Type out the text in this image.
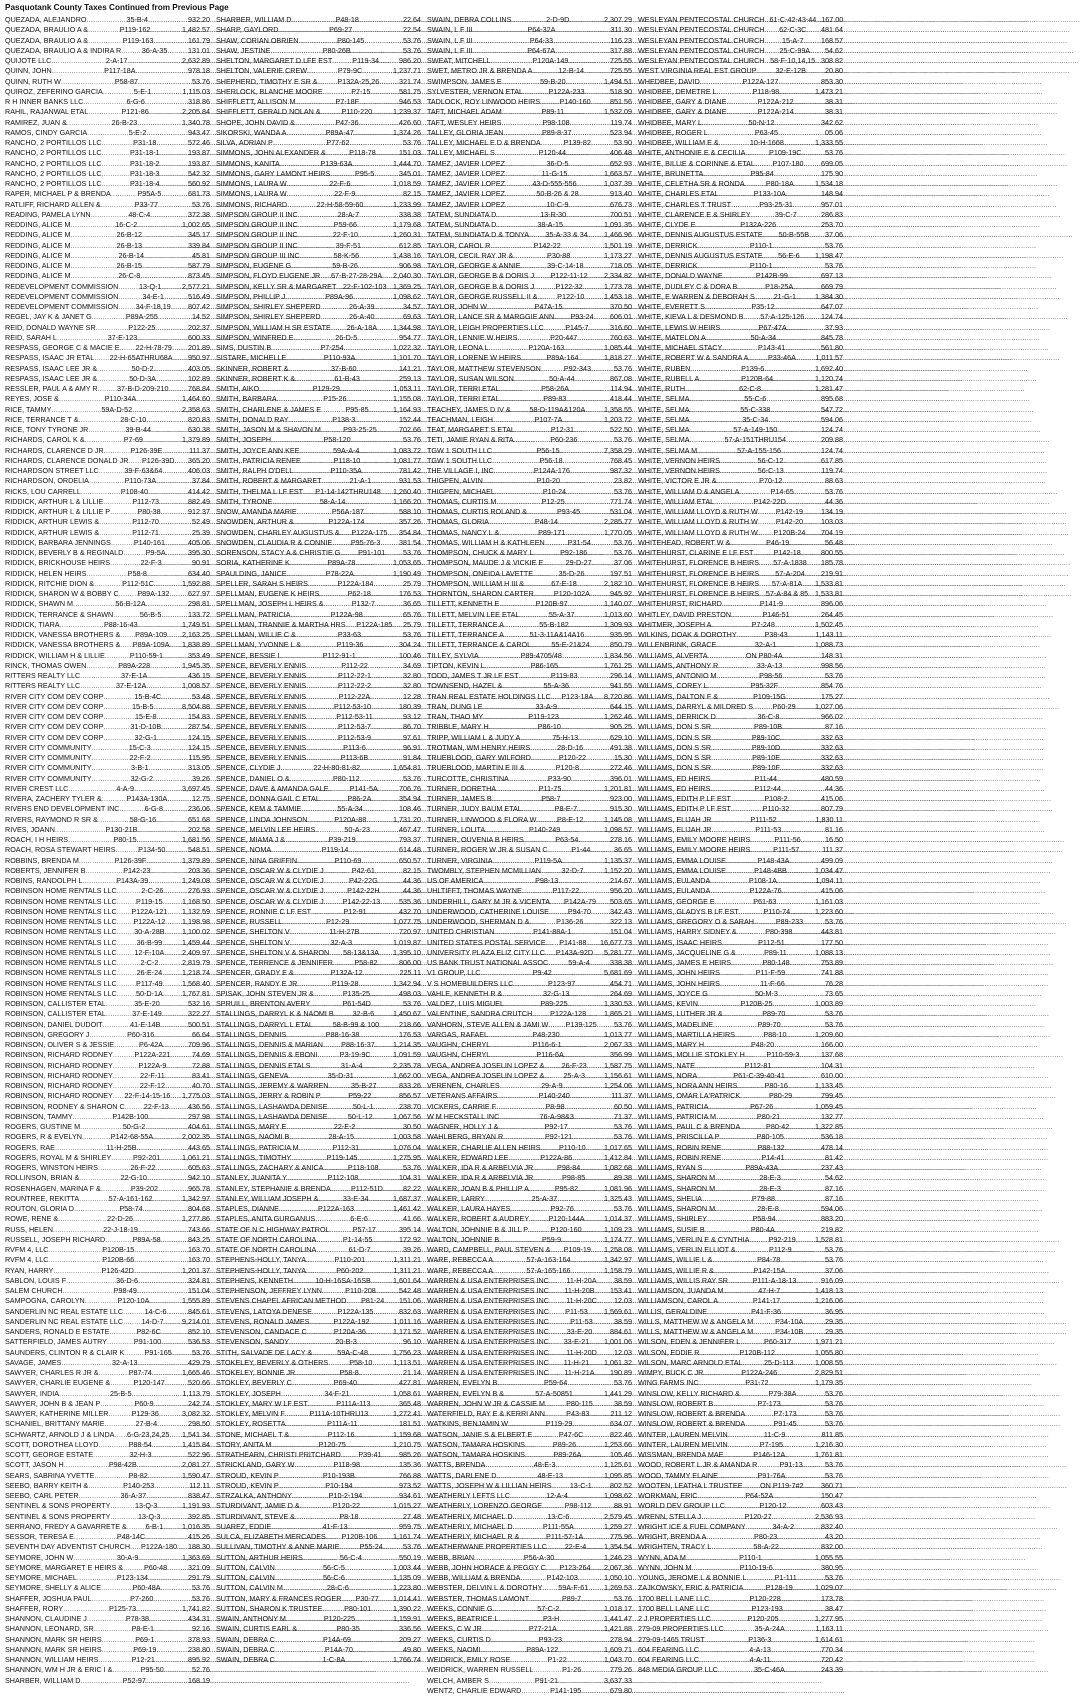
Pasquotank County Taxes Continued from Previous Page
QUEZADA, ALEJANDRO
.....	35-B-4
.....	932.20
QUEZADA, BRAULIO A &
.....	P119-162
.....	1,482.57
QUEZADA, BRAULIO A &
.....	P119-163
.....	161.79
QUEZADA, BRAULIO A & INDIRA R
.....	36-A-35
.....	131.01
QUIJOTE LLC
.....	2-A-17
.....	2,632.89
QUINN, JOHN
.....	P117-18A
.....	978.18
QUINN, RUTH W
.....	P58-87
.....	53.76
QUIROZ, ZEFERINO GARCIA
.....	5-E-1
.....	1,115.03
R H INNER BANKS LLC
.....	6-G-6
.....	318.86
RAHIL, RAJANWAL ETAL
.....	P121-86
.....	2,205.84
RAMIREZ, JUAN &
.....	26-B-23
.....	1,340.78
RAMOS, CINDY GARCIA
.....	5-E-2
.....	943.47
RANCHO, 2 PORTILLOS LLC
.....	P31-18
.....	572.46
RANCHO, 2 PORTILLOS LLC
.....	P31-18-1
.....	193.87
RANCHO, 2 PORTILLOS LLC
.....	P31-18-2
.....	193.87
RANCHO, 2 PORTILLOS LLC
.....	P31-18-3
.....	542.32
RANCHO, 2 PORTILLOS LLC
.....	P31-18-4
.....	560.92
RAPER, MICHAEL P & BRENDA
.....	P95A-5
.....	681.73
RATLIFF, RICHARD ALLEN &
.....	P33-77
.....	53.76
READING, PAMELA LYNN
.....	48-C-4
.....	372.38
REDDING, ALICE M
.....	16-C-2
.....	1,002.65
REDDING, ALICE M
.....	26-B-12
.....	345.17
REDDING, ALICE M
.....	26-B-13
.....	339.84
REDDING, ALICE M
.....	26-B-14
.....	45.81
REDDING, ALICE M
.....	26-B-15
.....	587.79
REDDING, ALICE M
.....	26-C-8
.....	873.45
REDEVELOPMENT COMMISSION
.....	13-Q-1
.....	2,577.21
REDEVELOPMENT COMMISSION
.....	34-E-1
.....	516.49
REDEVELOPMENT COMMISSION
..... 34-F-18,19
..... 807.42
REGEL, JAY K & JANET G
.....	P89A-255
.....	14.52
REID, DONALD WAYNE SR
.....	P122-25
.....	202.37
REID, SARAH L
.....	37-E-123
.....	600.33
RESPASS, GEORGE C & MACIE E
..... 22-H-78-79
..... 201.89
RESPASS, ISAAC JR ETAL
..... 22-H-65ATHRU68A
..... 950.97
RESPASS, ISAAC LEE JR &
.....	50-D-2
.....	403.05
RESPASS, ISAAC LEE JR &
.....	50-D-3A
.....	102.89
RESSLER, PAUL A & AMY R
.....	37-B-D-209-210
.....	768.84
REYES, JOSE &
.....	P110-34A
.....	1,464.60
RICE, TAMMY
.....	59A-D-52
.....	2,358.63
RICE, TERRANCE T &
.....	28-C-10
.....	820.83
RICE, TONY TYRONE JR
.....	39-B-44
.....	630.38
RICHARDS, CAROL K &
.....	P7-69
.....	1,379.89
RICHARDS, CLARENCE D JR
.....	P126-39E
.....	111.37
RICHARDS, CLARENCE DONALD JR
..... P126-39D
..... 365.20
RICHARDSON STREET LLC
.....	39-F-63&64
.....	406.03
RICHARDSON, ORDELIA
.....	P110-73A
.....	37.84
RICKS, LOU CARRELL
.....	P108-40
.....	414.42
RIDDICK, ARTHUR L & LILLIE
.....	P112-73
.....	882.49
RIDDICK, ARTHUR L & LILLIE P
.....	P80-38
.....	912.37
RIDDICK, ARTHUR LEWIS &
.....	P112-70
.....	52.49
RIDDICK, ARTHUR LEWIS &
.....	P112-71
.....	25.39
RIDDICK, BARBARA JENNINGS
.....	P140-161
.....	405.06
RIDDICK, BEVERLY B & REGINALD
.....	P9-5A
.....	395.30
RIDDICK, BRICKHOUSE HEIRS
.....	22-F-3
.....	90.91
RIDDICK, HELEN HEIRS
.....	P58-8
.....	634.40
RIDDICK, RITCHIE DION &
.....	P112-51C
.....	1,592.88
RIDDICK, SHARON W & BOBBY C
.....	P89A-132
.....	627.97
RIDDICK, SHAWN M
.....	56-B-12A
.....	298.81
RIDDICK, TERRANCE & SHAWN
.....	56-B-5
.....	133.72
RIDDICK, TIARA
.....	P88-16-43
.....	1,749.51
RIDDICK, VANESSA BROTHERS &
..... P89A-109
..... 2,163.25
RIDDICK, VANESSA BROTHERS &
..... P89A-109A
..... 1,838.89
RIDDICK, WILLIAM H & LILLIE
.....	P110-59-1
.....	353.49
RINCK, THOMAS OWEN
.....	P89A-228
.....	1,945.35
RITTERS REALTY LLC
.....	37-E-1A
.....	436.15
RITTERS REALTY LLC
.....	37-E-12A
.....	1,008.57
RIVER CITY COM DEV CORP
.....	15-B-4C
.....	53.48
RIVER CITY COM DEV CORP
.....	15-B-5
.....	8,504.88
RIVER CITY COM DEV CORP
.....	15-E-8
.....	154.83
RIVER CITY COM DEV CORP
.....	31-D-10B
.....	287.54
RIVER CITY COM DEV CORP
.....	32-G-1
.....	124.15
RIVER CITY COMMUNITY
.....	15-C-3
.....	124.15
RIVER CITY COMMUNITY
.....	22-F-2
.....	115.95
RIVER CITY COMMUNITY
.....	3-B-1
.....	313.05
RIVER CITY COMMUNITY
.....	32-G-2
.....	39.26
RIVER CREST LLC
.....	4-A-9
.....	3,697.45
RIVERA, ZACHERY TYLER &
.....	P143A-130A
.....	12.75
RIVERS END DEVELOPMENT INC
.....	6-G-8
.....	236.06
RIVERS, RAYMOND R SR &
.....	58-G-16
.....	651.68
RIVES, JOANN
.....	P130-21B
.....	202.58
ROACH, I H HEIRS
.....	P80-15
.....	1,681.56
ROACH, ROSA STEWART HEIRS
.....	P134-50
.....	548.51
ROBBINS, BRENDA M
.....	P126-39F
.....	1,379.89
ROBERTS, JENNIFER B
.....	P142-23
.....	203.36
ROBINS, RANDOLPH L
.....	P143A-39
.....	1,249.08
ROBINSON HOME RENTALS LLC
.....	2-C-26
.....	276.93
ROBINSON HOME RENTALS LLC
.....	P119-15
.....	1,168.50
ROBINSON HOME RENTALS LLC
..... P122A-121
..... 1,132.59
ROBINSON HOME RENTALS LLC
..... P122A-12
..... 1,198.98
ROBINSON HOME RENTALS LLC
..... 30-A-28B
..... 1,100.02
ROBINSON HOME RENTALS LLC
.....	36-B-99
.....	1,459.44
ROBINSON HOME RENTALS LLC
..... 12-F-10A
..... 2,409.97
ROBINSON HOME RENTALS LLC
.....	2-C-2
.....	2,819.79
ROBINSON HOME RENTALS LLC
.....	26-E-24
.....	1,218.74
ROBINSON HOME RENTALS LLC
.....	P117-49
.....	1,568.40
ROBINSON HOME RENTALS LLC
.....	50-D-1A
.....	1,767.81
ROBINSON, CALLISTER ETAL
.....	35-E-20
.....	532.16
ROBINSON, CALLISTER ETAL
.....	37-E-149
.....	322.27
ROBINSON, DANIEL DUDOIT
.....	41-E-14B
.....	500.51
ROBINSON, GREGORY J
.....	P60-316
.....	66.64
ROBINSON, OLIVER S & JESSIE
.....	P6-42A
.....	709.96
ROBINSON, RICHARD RODNEY
.....	P122A-221
.....	74.69
ROBINSON, RICHARD RODNEY
.....	P122A-9
.....	72.88
ROBINSON, RICHARD RODNEY
.....	22-F-11
.....	83.41
ROBINSON, RICHARD RODNEY
.....	22-F-12
.....	40.70
ROBINSON, RICHARD RODNEY
..... 22-F-14-15-16
..... 1,775.03
ROBINSON, RODNEY & SHARON C
.....	22-F-13
.....	436.56
ROBINSON, TAMMY
.....	P142B-100
.....	297.98
ROGERS, GUSTINE M
.....	50-G-2
.....	404.61
ROGERS, R & EVELYN
.....	P142-68-55A
.....	2,002.35
ROGERS, RAE
.....	11-H-25B
.....	443.65
ROGERS, ROYAL M & SHIRLEY
.....	P92-201
.....	1,061.21
ROGERS, WINSTON HEIRS
.....	26-F-22
.....	605.63
ROLLINSON, BRIAN &
.....	22-G-10
.....	942.10
ROSENHAGEN, MARINA F &
.....	P39-202
.....	965.78
ROUNTREE, REKITTA
.....	57-A-161-162
.....	1,342.97
ROUTON, GLORIA D
.....	P58-74
.....	804.68
ROWE, RENE &
.....	22-D-26
.....	1,277.86
RUSS, HELEN
.....	22-J-18-19
.....	743.66
RUSSELL, JOSEPH RICHARD
.....	P89A-58
.....	843.25
RVFM 4, LLC
.....	P120B-15
.....	163.70
RVFM 4, LLC
.....	P120B-66
.....	163.70
RYAN, HARRY
.....	P126-42D
.....	1,201.37
SABLON, LOUIS F
.....	36-D-6
.....	324.81
SALEM CHURCH
.....	P98-49
.....	151.04
SAMPOGNA, CAROLYN
.....	P120-10A
.....	1,555.89
SANDERLIN NC REAL ESTATE LLC
.....	14-C-6
.....	845.61
SANDERLIN NC REAL ESTATE LLC
.....	14-D-7
.....	9,214.01
SANDERS, RONALD E ESTATE
.....	P82-6C
.....	852.10
SATTERFIELD, JAMES AUTRY
.....	P91-100
.....	536.53
SAUNDERS, CLINTON R & CLAIR K
.....	P91-165
.....	53.76
SAVAGE, JAMES
.....	32-A-13
.....	429.79
SAWYER, CHARLES R JR &
.....	P87-74
.....	1,665.46
SAWYER, CHARLIE EUGENE &
.....	P120-147
.....	520.66
SAWYER, INDIA
.....	25-B-5
.....	1,113.79
SAWYER, JOHN B & JEAN P
.....	P60-9
.....	242.74
SAWYER, KATHERINE MILLER
.....	P129-36
.....	3,082.32
SCHANIEL, BRITTANY MARIE
.....	27-B-4
.....	298.50
SCHWARTZ, ARNOLD J & LINDA
..... 6-G-23,24,25
..... 1,541.34
SCOTT, DOROTHEA LLOYD
.....	P88-54
.....	1,415.84
SCOTT, GEORGE ESTATE
.....	32-H-3
.....	522.96
SCOTT, JASON H
.....	P98-42B
.....	2,081.27
SEARS, SABRINA YVETTE
.....	P8-82
.....	1,590.47
SEEBO, BARRY KEITH &
.....	P140-253
.....	112.11
SEEBO, CARL PETER
.....	36-A-37
.....	838.47
SENTINEL & SONS PROPERTY
.....	13-Q-3
.....	1,191.93
SENTINEL & SONS PROPERTY
.....	13-Q-3
.....	392.85
SERRANO, FREDY A GAVARRETE &
.....	6-B-1
.....	1,016.35
SESSOR, TERESA E
.....	P48-14C
.....	415.26
SEVENTH DAY ADVENTIST CHURCH
..... P122A-180
..... 188.30
SEYMORE, JOHN W
.....	30-A-9
.....	1,363.69
SEYMORE, MARGARET E HEIRS &
.....	P60-48
.....	321.09
SEYMORE, MICHAEL
.....	P123-134
.....	291.79
SEYMORE, SHELLY & ALICE
.....	P60-48A
.....	53.76
SHAFFER, JOSHUA PAUL
.....	P7-260
.....	53.76
SHAFFER, RORY
.....	P125-73
.....	1,741.82
SHANNON, CLAUDINE J
.....	P78-38
.....	434.31
SHANNON, LEONARD, SR
.....	P8-E-1
.....	92.16
SHANNON, MARK SR HEIRS
.....	P69-1
.....	378.93
SHANNON, MARK SR HEIRS
.....	P69-19
.....	238.80
SHANNON, WILLIAM HEIRS
.....	P12-21
.....	895.92
SHANNON, WM H JR & ERIC I &
.....	P95-50
.....	52.76
SHARBER, WILLIAM D
.....	P52-97
.....	168.19
SHARBER, WILLIAM D
.....	P48-18
.....	22.64
SHARP, GAYLORD
.....	P69-27
.....	22.54
SHAW, CORIAN OBRIEN
.....	P80-145
.....	53.76
SHAW, JESTINE
.....	P80-26B
.....	53.76
SHELTON, MARGARET D LFE EST
.....	P119-34
.....	986.20
SHELTON, VALERIE CREW
.....	P79-9C
.....	1,237.71
SHEPHERD, TIMOTHY E SR &
.....	P132A-25,26
.....	321.74
SHERLOCK, BLANCHE MOORE
.....	P7-15
.....	581.75
SHIFFLETT, ALLISON M
.....	P7-18F
.....	946.53
SHIFFLETT, GERALD NOLAN &
.....	P110-220
.....	1,239.37
SHOPE, JOHN DAVID &
.....	P47-36
.....	426.60
SIKORSKI, WANDA A
.....	P89A-47
.....	1,374.26
SILVA, ADRIAN P
.....	P77-62
.....	53.76
SIMMONS, JOHN ALEXANDER &
.....	P118-78
.....	151.03
SIMMONS, KANITA
.....	P139-63A
.....	1,444.70
SIMMONS, GARY LAMONT HEIRS
.....	P95-5
.....	345.01
SIMMONS, LAURA W
.....	22-F-6
.....	1,018.59
SIMMONS, LAURA W
.....	22-F-9
.....	82.15
SIMMONS, RICHARD
.....	22-H-58-59-60
.....	1,233.99
SIMPSON GROUP II INC
.....	28-A-7
.....	338.38
SIMPSON GROUP II INC
.....	P59-66
.....	1,179.68
SIMPSON GROUP II INC
.....	22-F-10
.....	1,260.31
SIMPSON GROUP II INC
.....	39-F-51
.....	612.85
SIMPSON GROUP III INC
.....	58-K-56
.....	1,438.16
SIMPSON, EUGENE G
.....	59-B-26
.....	906.98
SIMPSON, FLOYD EUGENE JR
..... 67-B-27-28-29A
..... 2,040.30
SIMPSON, KELLY SR & MARGARET
..... 22-F-102-103
..... 1,369.25
SIMPSON, PHILLIP J
.....	P89A-96
.....	1,098.62
SIMPSON, SHIRLEY SHEPERD
.....	26-A-39
.....	34.57
SIMPSON, SHIRLEY SHEPERD
.....	26-A-40
.....	69.63
SIMPSON, WILLIAM H SR ESTATE
..... 26-A-18A
..... 1,344.98
SIMPSON, WINFRED E
.....	26-D-5
.....	954.77
SIMS, DUSTIN B
.....	P7-254
.....	1,022.32
SISTARE, MICHELLE
.....	P110-93A
.....	1,101.70
SKINNER, ROBERT &
.....	37-B-60
.....	141.21
SKINNER, ROBERT K &
.....	61-B-43
.....	259.13
SMITH, AIKO
.....	P129-29
.....	1,053.11
SMITH, BARBARA
.....	P15-26
.....	1,155.08
SMITH, CHARLENE & JAMES E
.....	P95-85
.....	1,164.93
SMITH, DONALD RAY
.....	P138-3
.....	152.44
SMITH, JASON M & SHAVON M
.....	P93-25-25
.....	702.66
SMITH, JOSEPH
.....	P58-120
.....	53.76
SMITH, JOYCE ANN KEE
.....	59A-A-4
.....	1,083.72
SMITH, PATRICIA RENEE
.....	P118-10
.....	1,081.77
SMITH, RALPH O'DELL
.....	P110-35A
.....	781.42
SMITH, ROBERT & MARGARET
.....	21-A-1
.....	931.53
SMITH, THELMA L LF EST
..... P1-14-142THRU148
..... 1,260.40
SMITH, TYRONE
.....	58-A-14
.....	1,166.20
SNOW, AMANDA MARIE
.....	P56A-187
.....	588.10
SNOWDEN, ARTHUR &
.....	P122A-174
.....	357.26
SNOWDEN, CHARLEY AUGUSTUS &
..... P122A-175
..... 354.84
SNOWDEN, CLAUDIA R & CONNIE
.....	P95-76-3
.....	381.54
SORENSON, STACY A & CHRISTIE G
..... P91-101
..... 53.76
SORIA, KATHERINE K
.....	P89A-78
.....	1,053.65
SPAULDING, JANICE
.....	P78-22A
.....	1,190.49
SPELLER, SARAH S HEIRS
.....	P122A-184
.....	25.79
SPELLMAN, EUGENE K HEIRS
.....	P62-18
.....	176.53
SPELLMAN, JOSEPH L HEIRS &
.....	P132-7
.....	36.65
SPELLMAN, PATRICIA
.....	P122A-98
.....	65.76
SPELLMAN, TRANNIE & MARTHA HRS
..... P122A-185
..... 25.79
SPELLMAN, WILLIE C &
.....	P33-63
.....	53.76
SPELLMAN, YVONNE L &
.....	P119-36
.....	304.24
SPENCE, BESSIE I
.....	P112-91-1
.....	100.46
SPENCE, BEVERLY ENNIS
.....	P112-22
.....	34.69
SPENCE, BEVERLY ENNIS
.....	P112-22-1
.....	32.80
SPENCE, BEVERLY ENNIS
.....	P112-22-2
.....	32.80
SPENCE, BEVERLY ENNIS
.....	P112-22A
.....	12.28
SPENCE, BEVERLY ENNIS
.....	P112-53-10
.....	180.39
SPENCE, BEVERLY ENNIS
.....	P112-53-11
.....	93.12
SPENCE, BEVERLY ENNIS
.....	P112-53-7
.....	86.70
SPENCE, BEVERLY ENNIS
.....	P112-53-9
.....	97.61
SPENCE, BEVERLY ENNIS
.....	P113-6
.....	96.91
SPENCE, BEVERLY ENNIS
.....	P113-6B
.....	91.84
SPENCE, CLYDIE J
.....	22-H-80-81-82
.....	1,654.81
SPENCE, DANIEL O &
.....	P80-112
.....	53.76
SPENCE, DAVE & AMANDA GALE
.....	P141-5A
.....	706.76
SPENCE, DONNA GAIL C ETAL
.....	P86-2A
.....	354.94
SPENCE, KEM & TAMMIE
.....	55-A-34
.....	108.46
SPENCE, LINDA JOHNSON
.....	P120A-88
.....	1,731.20
SPENCE, MELVIN LEE HEIRS
.....	50-A-23
.....	467.47
SPENCE, MIAMA J &
.....	P39-219
.....	793.37
SPENCE, NOMA
.....	P119-14
.....	614.48
SPENCE, NINA GRIFFIN
.....	P110-69
.....	650.57
SPENCE, OSCAR W & CLYDIE J
.....	P42-61
.....	82.15
SPENCE, OSCAR W & CLYDIE J
.....	P42-22G
.....	44.36
SPENCE, OSCAR W & CLYDIE J
.....	P142-22H
.....	44.36
SPENCE, OSCAR W & CLYDIE J
.....	P142-22-13
.....	535.36
SPENCE, RONNIE C LF EST
.....	P12-91
.....	432.70
SPENCE, RUSSELL
.....	P12-29
.....	1,077.75
SPENCE, SHELTON V
.....	11-H-27B
.....	720.97
SPENCE, SHELTON V
.....	32-A-3
.....	1,019.87
SPENCE, SHELTON V & SHARON
..... 58-13&13A
..... 1,395.10
SPENCE, TERRENCE & JENNIFER
.....	P58-82
.....	806.00
SPENCER, GRADY E &
.....	P132A-12
.....	225.11
SPENCER, RANDY E JR
.....	P119-28
.....	1,342.94
SPISAK, JOHN STEVEN JR &
.....	P135-25
.....	498.03
SPRUILL, BRENTON AVERY
.....	P61-54D
.....	53.76
STALLINGS, DARRYL K & NAOMI B
.....	32-B-6
.....	1,450.67
STALLINGS, DARRYL L ETAL
.....	58-B-99 & 100
.....	218.66
STALLINGS, DENNIS
.....	P88-16-38
.....	176.53
STALLINGS, DENNIS & MARIAN
.....	P88-16-37
.....	1,214.35
STALLINGS, DENNIS & EBONI
.....	P3-19-9C
.....	1,091.59
STALLINGS, DENNIS ETALS
.....	31-A-4
.....	2,235.78
STALLINGS, GENEVA
.....	35-D-31
.....	1,662.00
STALLINGS, JEREMY & WARREN
.....	35-B-27
.....	833.26
STALLINGS, JERRY & ROBIN P
.....	P59-22
.....	856.57
STALLINGS, LASHAWDA DENISE
.....	50-L-1
.....	238.70
STALLINGS, LASHAWDA DENISE
.....	50-L-12
.....	1,067.56
STALLINGS, MARY E
.....	22-E-2
.....	30.50
STALLINGS, NAOMI B
.....	28-A-15
.....	1,003.58
STALLINGS, PATRICIA M
.....	P112-31
.....	1,076.04
STALLINGS, TIMOTHY
.....	P119-145
.....	1,275.95
STALLINGS, ZACHARY & ANICA
.....	P118-108
.....	53.76
STANLEY, JUANITA Y
.....	P112-108
.....	104.31
STANLEY, STEPHANIE & BRENDA
.....	P112-51D
.....	82.22
STANLEY, WILLIAM JOSEPH &
.....	33-E-34
.....	1,687.37
STAPLES, DIANNE
.....	P122A-163
.....	1,461.42
STAPLES, ANITA GURGANUS
.....	6-E-6
.....	41.66
STATE OF N C HIGHWAY PATROL
.....	P57-17
.....	395.14
STATE OF NORTH CAROLINA
.....	P1-14-55
.....	172.92
STATE OF NORTH CAROLINA
.....	61-D-7
.....	39.26
STEPHENS-HOLLY, TANYA
.....	P110-201
.....	1,311.21
STEPHENS-HOLLY, TANYA
.....	P60-202
.....	1,311.21
STEPHENS, KENNETH
.....	10-H-16SA-16SB
.....	1,601.64
STEPHENSON, JEFFREY LYNN
.....	P110-208
.....	542.48
STEVENS CHAPEL AFRICAN METHOD
..... P81-24
..... 151.06
STEVENS, LATOYA DENESE
.....	P122A-135
.....	832.63
STEVENS, RONALD JAMES
.....	P122A-192
.....	1,011.16
STEVENSON, CANDACE C
.....	P120A-36
.....	1,171.52
STEVENSON, SANDY
.....	20-B-3
.....	96.10
STITH, SALVADE DE LACY &
.....	59A-C-48
.....	1,756.23
STOKELEY, BEVERLY & OTHERS
.....	P58-10
.....	1,113.51
STOKELEY, BONNIE JR
.....	P58-8
.....	21.14
STOKLEY, BEVERLY C
.....	P69-40
.....	427.81
STOKLEY, JOSEPH
.....	34-F-21
.....	1,058.61
STOKLEY, MARY W LF EST
.....	P111A-113
.....	365.48
STOKLEY, MELVIN F
.....	P111A-10THRU13
.....	1,272.41
STOKLEY, ROSETTA
.....	P111A-11
.....	181.51
STONE, MICHAEL T &
.....	P112-16
.....	1,159.68
STORY, ANITA M
.....	P120-75
.....	1,210.75
STRATHEARN, CHRISTI PRITCHARD
..... P39-41
..... 985.26
STRICKLAND, GARY W
.....	P118-98
.....	135.36
STROUD, KEVIN P
.....	P10-193B
.....	766.88
STROUD, KEVIN P
.....	P10-194
.....	973.52
STRZALKA, ANTHONY
.....	P10-2-194
.....	934.61
STURDIVANT, JAMIE D &
.....	P120-22
.....	1,015.27
STURDIVANT, STEVE &
.....	P8-18
.....	27.48
SUAREZ, EDDIE
.....	41-F-13
.....	959.75
SULCA, ELIZABETH MERCADES
..... P120B-106
..... 1,161.74
SULLIVAN, TIMOTHY & ANNE MARIE
.....	P55-24
.....	53.76
SUTTON, ARTHUR HEIRS
.....	56-C-4
.....	550.19
SUTTON, CALVIN
.....	56-C-5
.....	1,003.44
SUTTON, CALVIN
.....	56-C-6
.....	1,135.09
SUTTON, CALVIN M
.....	28-C-6
.....	1,223.80
SUTTON, MARY & FRANCES ROGER
..... P30-77
..... 1,014.41
SUTTON, SHARON K TRUSTEE
.....	P80-101
.....	1,390.22
SWAIN, ANTHONY M
.....	P120-225
.....	1,159.91
SWAIN, CURTIS EARL &
.....	P80-35
.....	336.56
SWAIN, DEBRA C
.....	P14A-69
.....	209.27
SWAIN, DEBRA C
.....	P14A-70
.....	49.80
SWAIN, DEBRA C
.....	1-C-8A
.....	1,766.74
SWAIN, DEBRA COLLINS
.....	2-D-9D
.....	2,307.29
SWAIN, L F III
.....	P64-32A
.....	311.30
SWAIN, L F III
.....	P64-33
.....	116.23
SWAIN, L F III
.....	P64-67A
.....	317.88
SWEAT, MITCHELL
.....	P120A-149
.....	725.55
SWET, METRO JR & BRENDA A
.....	12-B-14
.....	725.55
SWIMPSON, JAMES E
.....	59-B-20
.....	1,494.51
SYLVESTER, VERNON ETAL
.....	P122A-233
.....	518.90
TADLOCK, ROY LINWOOD HEIRS
.....	P140-160
.....	851.56
TAFT, MICHAEL ADAM
.....	P89-11
.....	1,532.09
TAFT, WESLEY HEIRS
.....	P98-108
.....	119.74
TALLEY, GLORIA JEAN
.....	P89-8-37
.....	523.94
TALLEY, MICHAEL E D & BRENDA
.....	P139-82
.....	53.90
TALLEY, MICHAEL S
.....	P120-44
.....	406.48
TAMEZ, JAVIER LOPEZ
.....	36-D-5
.....	652.93
TAMEZ, JAVIER LOPEZ
.....	11-G-15
.....	1,663.57
TAMEZ, JAVIER LOPEZ
.....	43-D-555-556
.....	1,037.39
TAMEZ, JAVIER LOPEZ
.....	50-B-26 & 28
.....	913.40
TAMEZ, JAVIER LOPEZ
.....	10-C-9
.....	676.73
TATEM, SUNDIATA D
.....	13-R-30
.....	700.51
TATEM, SUNDIATA D
.....	38-A-15
.....	1,091.35
TATEM, SUNDIATA D & TONYA
..... 35-A-33 & 34
..... 1,466.96
TAYLOR, CAROL R
.....	P142-22
.....	1,501.19
TAYLOR, CECIL RAY JR &
.....	P30-88
.....	1,173.27
TAYLOR, GEORGE & ANNIE
.....	39-C-14-18
.....	718.05
TAYLOR, GEORGE B & DORIS J
..... P122-11-12
..... 2,334.82
TAYLOR, GEORGE B & DORIS J
.....	P122-32
.....	1,773.78
TAYLOR, GEORGE RUSSELL II &
.....	P122-10
.....	1,453.18
TAYLOR, JOHN W
.....	P47A-15
.....	370.50
TAYLOR, LANCE SR & MARGGIE ANN
..... P93-24
..... 606.01
TAYLOR, LEIGH PROPERTIES LLC
.....	P145-7
.....	316.60
TAYLOR, LENNIE W HEIRS
.....	P20-447
.....	760.63
TAYLOR, LEONA L
.....	P120A-163
.....	1,085.44
TAYLOR, LORENE W HEIRS
.....	P89A-164
.....	1,818.27
TAYLOR, MATTHEW STEVENSON
.....	P92-343
.....	53.76
TAYLOR, SUSAN WILSON
.....	50-A-44
.....	867.08
TAYLOR, TERRI ETAL
.....	P58-26A
.....	114.94
TAYLOR, TERRI ETAL
.....	P89-83
.....	418.44
TEACHEY, JAMES D IV &
.....	58-D-119A&120A
.....	1,358.55
TEACHMAN, LEIGH
.....	P107-7A
.....	1,203.72
TEAT, MARGARET S ETAL
.....	P12-31
.....	522.50
TETI, JAMIE RYAN & RITA
.....	P60-236
.....	53.76
TGW 1 SOUTH LLC
.....	P56-15
.....	7,358.29
TGW 1 SOUTH LLC
.....	P56-18
.....	768.45
THE VILLAGE I, INC
.....	P124A-176
.....	987.32
THIGPEN, ALVIN
.....	P10-20
.....	23.82
THIGPEN, MICHAEL
.....	P10-24
.....	53.76
THOMAS, CURTIS M
.....	P12-25
.....	771.74
THOMAS, CURTIS ROLAND &
.....	P93-45
.....	531.04
THOMAS, GLORIA
.....	P48-14
.....	2,285.77
THOMAS, NANCY L &
.....	P89-171
.....	1,770.05
THOMAS, WILLIAM H & KATHLEEN
.....	P31-54
.....	53.76
THOMPSON, CHUCK & MARY L
.....	P92-186
.....	53.76
THOMPSON, MAUDE J & VICKIE E
.....	29-D-27
.....	37.06
THOMPSON, ONEIDA LAVETTE
.....	35-D-26
.....	197.51
THOMPSON, WILLIAM H III &
.....	67-E-18
.....	2,182.10
THORNTON, SHARON CARTER
.....	P120-102A
.....	945.92
TILLETT, KENNETH E
.....	P120B-97
.....	1,140.07
TILLETT, MELVIN LEE ETAL
.....	55-A-37
.....	1,013.60
TILLETT, TERRANCE A
.....	55-B-182
.....	1,309.93
TILLETT, TERRANCE A
.....	51-3-11A&14A16
.....	935.95
TILLETT, TERRANCE & CAROL
.....	55-E-21&24
.....	850.79
TILLEY, SYLVIA
.....	P89-4705/48
.....	1,834.56
TIPTON, KEVIN L
.....	P86-165
.....	1,761.25
TODD, JAMES T JR LF EST
.....	P119-83
.....	296.14
TOWNSEND, HAZEL &
.....	55-A-36
.....	941.55
TRAN REAL ESTATE HOLDINGS LLC
..... P123-18A
..... 8,720.86
TRAN, DUNG LE
.....	33-A-9
.....	644.15
TRAN, THAO MY
.....	P119-123
.....	1,262.46
TRIBBLE, MARY H
.....	P86-10
.....	905.25
TRIPP, WILLIAM L & JUDY A
.....	75-H-13
.....	629.10
TROTMAN, WM HENRY HEIRS
.....	28-D-16
.....	491.38
TRUEBLOOD, GARY WILFORD
.....	P120-22
.....	15.30
TRUEBLOOD, MARTIN E III &
.....	P120-8
.....	272.46
TURCOTTE, CHRISTINA
.....	P33-90
.....	396.01
TURNER, DORETHA
.....	P11-75
.....	1,201.81
TURNER, JAMES B
.....	P58-7
.....	923.00
TURNER, JUDY BAUM ETAL
.....	P8-E-7
.....	915.30
TURNER, LINWOOD & FLORA W
.....	P8-E-12
.....	1,145.08
TURNER, LOLITA
.....	P140-249
.....	1,098.57
TURNER, OUVENIA B HEIRS
.....	P63-54
.....	278.16
TURNER, ROGER W JR & SUSAN C
.....	P1-44
.....	36.65
TURNER, VIRGINIA
.....	P119-5A
.....	1,135.37
TWOMBLY, STEPHEN MCMILLIAN
.....	32-D-7
.....	1,152.20
US OF AMERICA
.....	P98-13
.....	214.67
UHLTIFFT, THOMAS WAYNE
.....	P117-22
.....	956.20
UNDERHILL, GARY M JR & VICENTA
..... P142A-79
..... 503.65
UNDERWOOD, CATHERINE LOUISE
.....	P94-70
.....	342.43
UNDERWOOD, SHERMAN D &
.....	P136-26
.....	322.13
UNITED CHRISTIAN
.....	P141-88A-1
.....	151.04
UNITED STATES POSTAL SERVICE
..... P141-88
..... 16,677.73
UNIVERSITY PLAZA ELIZ CITY LLC
..... P143A-92D
..... 5,281.77
US BANK TRUST NATIONAL ASSOC
.....	59-A-4
.....	338.38
V1 GROUP, LLC
.....	P9-42
.....	5,681.69
V S HOMEBUILDERS LLC
.....	P123-97
.....	454.71
VAHLE, KENNETH R &
.....	32-G-13
.....	264.69
VALDEZ, LUIS MIGUEL
.....	P89-225
.....	1,330.53
VALENTINE, SANDRA CRUTCH
..... P122A-128
..... 1,865.21
VANHORN, STEVE ALLEN & JAMI W
..... P139-125
..... 53.76
VARGAS, RAFAEL
.....	P48-230
.....	1,013.77
VAUGHN, CHERYL
.....	P116-6-1
.....	2,067.33
VAUGHN, CHERYL
.....	P116-6A
.....	356.99
VEGA, ANDREA JOSELIN LOPEZ &
..... 26-F-23
..... 1,587.75
VEGA, ANDREA JOSELIN LOPEZ &
.....	25-A-3
.....	1,156.61
VERENEN, CHARLES
.....	29-A-9
.....	1,254.06
VETERANS AFFAIRS
.....	P140-240
.....	111.37
VICKERS, CARRIE F
.....	P8-98
.....	60.50
W M HECKSTALL INC
.....	76-A-98&3
.....	71.37
WAGNER, HOLLY J &
.....	P92-17
.....	53.76
WAHLBERG, BRYAN R
.....	P92-121
.....	53.76
WALKER, CHARLIE ALLEN HEIRS
.....	P110-10
.....	1,017.65
WALKER, EDWARD LEE
.....	P122A-86
.....	1,412.84
WALKER, IDA R & ARBELVIA JR
.....	P98-84
.....	1,082.68
WALKER, IDA R & ARBELVIA JR
.....	P98-85
.....	89.38
WALKER, JOAN B & PHILLIP A
.....	P95-82
.....	1,081.96
WALKER, LARRY
.....	25-A-37
.....	1,325.43
WALKER, LAURA HAYES
.....	P92-76
.....	53.76
WALKER, ROBERT & AUDREY
.....	P120-144A
.....	1,014.37
WALTON, JOHNNIE B & JILL P
.....	P120-160
.....	1,109.23
WALTON, JOHNNIE B
.....	P59-9
.....	1,174.77
WARD, CAMPBELL, PAUL STEVEN &
..... P109-19
..... 1,258.08
WARE, REBECCA A
.....	57-A-163-164
.....	1,342.97
WARE, REBECCA A
.....	57-A-165-166
.....	1,158.79
WARREN & USA ENTERPRISES INC
..... 11-H-20A
..... 38.59
WARREN & USA ENTERPRISES INC
..... 11-H-20B
..... 153.41
WARREN & USA ENTERPRISES INC
..... 11-H-20C
..... 12.03
WARREN & USA ENTERPRISES INC
..... P11-53
..... 1,569.61
WARREN & USA ENTERPRISES INC
.....	P11-53
.....	38.59
WARREN & USA ENTERPRISES INC
..... 33-E-20
..... 884.61
WARREN & USA ENTERPRISES INC
..... 33-E-21
..... 1,001.06
WARREN & USA ENTERPRISES INC
..... 11-H-20D
..... 12.03
WARREN & USA ENTERPRISES INC
..... 11-H-21
..... 1,061.32
WARREN & USA ENTERPRISES INC
..... 11-H-21A
..... 190.89
WARREN, EVELYN B
.....	P59-64
.....	53.76
WARREN, EVELYN B &
.....	57-A-50851
.....	1,441.29
WARREN, JOHN W JR & CASSIE M
.....	P80-115
.....	38.59
WATERFIELD, RAY E & KERRI ANN
.....	P43-83
.....	211.12
WATKINS, BENJAMIN W
.....	P119-29
.....	634.07
WATSON, JANIE S & ELBERT E
.....	P47-6C
.....	822.46
WATSON, TAMARA HOSKINS
.....	P89-26
.....	1,253.66
WATSON, TAMARA HOSKINS
.....	P89-26A
.....	105.46
WATTS, BRENDA
.....	48-E-3
.....	1,125.61
WATTS, DARLENE D
.....	48-E-13
.....	1,095.85
WATTS, JOSEPH W & LILLIAN HEIRS
.....	13-C-1
.....	802.52
WEATHERLY LEFTS LLC
.....	12-A-4
.....	1,098.62
WEATHERLY, LORENZO GEORGE
.....	P98-112
.....	88.91
WEATHERLY, MICHAEL D
.....	13-C-6
.....	2,579.45
WEATHERLY, MICHAEL D
.....	P111-55A
.....	1,259.27
WEATHERLY, MICHAEL R &
.....	P111-57-1A
.....	775.96
WEATHERWANE PROPERTIES LLC
..... 22-E-4
..... 1,354.54
WEBB, BRIAN
.....	P56-A-30
.....	1,246.23
WEBB, JOHN HORACE & PEGGY C
..... P123-264
..... 2,067.36
WEBB, WILLIAM & BRENDA
.....	P142-103
.....	1,050.10
WEBSTER, DELVIN L & DOROTHY
..... 59A-F-61
..... 1,269.53
WEBSTER, THOMAS LAMONT
.....	P89-7
.....	53.76
WEEKS, CONNIE G
.....	57-C-2
.....	1,018.17
WEEKS, BEATRICE L
.....	P3-H
.....	1,441.47
WEEKS, C W JR
.....	P77-21A
.....	1,421.88
WEEKS, CURTIS D
.....	P93-23
.....	278.94
WEEKS, NAOMI
.....	P89A-122
.....	1,609.71
WEIDRICK, EMILY ROSE
.....	P1-22
.....	1,043.70
WEIDRICK, WARREN RUSSELL
.....	P1-26
.....	779.26
WELCH, AMBER S
.....	P91-21
.....	3,637.33
WENTZ, CHARLIE EDWARD
.....	P141-195
.....	679.80
WESLEYAN PENTECOSTAL CHURCH
..... 61-C-42-43-44
..... 167.00
WESLEYAN PENTECOSTAL CHURCH
..... 62-C-3C
..... 481.64
WESLEYAN PENTECOSTAL CHURCH
..... 15-A-7
..... 168.57
WESLEYAN PENTECOSTAL CHURCH
..... 25-C-99A
..... 54.62
WESLEYAN PENTECOSTAL CHURCH
..... 58-F-10,14,15
..... 308.82
WEST VIRGINIA REAL EST GROUP
.....	32-E-12B
.....	20.80
WHEDBEE, DAVID
.....	P122A-127
.....	853.30
WHIDBEE, DEMETRE L
.....	P118-98
.....	1,473.21
WHIDBEE, GARY & DIANE
.....	P122A-212
.....	38.31
WHIDBEE, GARY & DIANE
.....	P122A-214
.....	38.31
WHIDBEE, MARY L
.....	50-N-12
.....	342.62
WHIDBEE, ROGER L
.....	P63-45
.....	05.06
WHIDBEE, WILLIAM E &
.....	10-H-1668
.....	1,333.55
WHITE, ANTHONIE E & CECILIA
.....	P109-19C
.....	53.76
WHITE, BILLIE & CORINNE & ETAL
..... P107-180
..... 699.05
WHITE, BRUNETTA
.....	P95-84
.....	175.90
WHITE, CELETHA SR & RONDA
.....	P80-18A
.....	1,534.18
WHITE, CHARLES ETAL
.....	P133-10A
.....	148.94
WHITE, CHARLES T TRUST
.....	P93-25-31
.....	957.01
WHITE, CLARENCE E & SHIRLEY
.....	39-C-7
.....	286.83
WHITE, CLYDE E
.....	P132A-226
.....	253.70
WHITE, DENNIS AUGUSTUS ESTATE
..... 50-B-55B
..... 37.06
WHITE, DERRICK
.....	P110-1
.....	53.76
WHITE, DENNIS AUGUSTUS ESTATE
..... 56-E-6
..... 1,198.47
WHITE, DERRICK
.....	P110-1
.....	53.76
WHITE, DONALD WAYNE
.....	P142B-99
.....	697.13
WHITE, DUDLEY C & DORA B
.....	P18-25A
.....	669.79
WHITE, E WARREN & DEBORAH S
.....	21-G-1
.....	1,384.30
WHITE, EVERETT S
.....	P35-12
.....	647.07
WHITE, KIEVA L & DESMOND B
..... 57-A-125-126
..... 124.74
WHITE, LEWIS W HEIRS
.....	P67-47A
.....	37.93
WHITE, MATELON A
.....	50-A-34
.....	845.78
WHITE, MICHAEL STACY
.....	P143-41
.....	561.80
WHITE, ROBERT W & SANDRA A
.....	P33-46A
.....	1,011.57
WHITE, RUBEN
.....	P139-6
.....	1,692.40
WHITE, RUBELL A
.....	P120B-64
.....	1,120.74
WHITE, RUTH
.....	62-C-8
.....	1,281.47
WHITE, SELMA
.....	55-C-6
.....	895.68
WHITE, SELMA
.....	55-C-338
.....	547.72
WHITE, SELMA
.....	35-C-34
.....	594.06
WHITE, SELMA
.....	57-A-149-150
.....	124.74
WHITE, SELMA
.....	57-A-151THRU154
.....	209.88
WHITE, SELMA M
.....	57-A-155-156
.....	124.74
WHITE, VERNON HEIRS
.....	56-C-12
.....	617.85
WHITE, VERNON HEIRS
.....	56-C-13
.....	119.74
WHITE, VICTOR E JR &
.....	P70-12
.....	88.63
WHITE, WILLIAM D & ANGELA
.....	P14-65
.....	53.76
WHITE, WILLIAM ETAL
.....	P142-22D
.....	44.36
WHITE, WILLIAM LLOYD & RUTH W
.....	P142-19
.....	134.19
WHITE, WILLIAM LLOYD & RUTH W
.....	P142-20
.....	103.03
WHITE, WILLIAM LLOYD & RUTH W
..... P120B-24
..... 704.19
WHITEHEAD, ROBERT W &
.....	P46-19
.....	56.48
WHITEHURST, CLARINE E LF EST
.....	P142-18
.....	800.55
WHITEHURST, FLORENCE B HEIRS
..... 57-A-1838
..... 185.78
WHITEHURST, FLORENCE B HEIRS
..... 57-A-204
..... 219.91
WHITEHURST, FLORENCE B HEIRS
..... 57-A-81A
..... 1,533.81
WHITEHURST, FLORENCE B HEIRS
..... 57-A-84 & 85
..... 1,533.81
WHITEHURST, RICHARD
.....	P141-9
.....	896.06
WHITLEY, DAVID PRESTON
.....	P146-51
.....	264.45
WHITMER, JOSEPH A
.....	P7-248
.....	1,502.45
WILKINS, DOAK & DOROTHY
.....	P38-43
.....	1,143.11
WILLENBRINK, GRACE
.....	32-A-1
.....	1,088.73
WILLIAMS, ALVERTA
.....	ON P80-4A
.....	148.31
WILLIAMS, ANTHONY R
.....	33-A-13
.....	998.56
WILLIAMS, ANTONIO M
.....	P98-56
.....	53.76
WILLIAMS, COREY L
.....	P95-32F
.....	854.76
WILLIAMS, DALTON F &
.....	P109-15G
.....	175.27
WILLIAMS, DARRYL & MILDRED S
.....	P60-29
.....	1,027.06
WILLIAMS, DERRICK D
.....	36-C-8
.....	966.02
WILLIAMS, DON S SR
.....	P89-10B
.....	87.16
WILLIAMS, DON S SR
.....	P89-10C
.....	332.63
WILLIAMS, DON S SR
.....	P89-10D
.....	332.63
WILLIAMS, DON S SR
.....	P89-10E
.....	332.63
WILLIAMS, DON S SR
.....	P89-10F
.....	332.63
WILLIAMS, ED HEIRS
.....	P11-44
.....	480.59
WILLIAMS, ED HEIRS
.....	P112-44
.....	44.36
WILLIAMS, EDITH P LF EST
.....	P108-2
.....	415.06
WILLIAMS, EDITH P LF EST
.....	P110-32
.....	807.79
WILLIAMS, ELIJAH JR
.....	P111-52
.....	1,830.11
WILLIAMS, ELIJAH JR
.....	P111-53
.....	81.16
WILLIAMS, EMILY MOORE HEIRS
.....	P111-56
.....	16.50
WILLIAMS, EMILY MOORE HEIRS
.....	P111-57
.....	111.37
WILLIAMS, EMMA LOUISE
.....	P148-43A
.....	499.09
WILLIAMS, EMMA LOUISE
.....	P148-4BB
.....	1,034.47
WILLIAMS, EULANDA
.....	P108-1A
.....	1,094.11
WILLIAMS, EULANDA
.....	P122A-76
.....	415.06
WILLIAMS, GEORGE E
.....	P61-63
.....	1,161.03
WILLIAMS, GLADYS B LF EST
.....	P110-74
.....	1,223.60
WILLIAMS, GREGORY O & SARAH
.....	P89-233
.....	53.76
WILLIAMS, HARRY SIDNEY &
.....	P80-398
.....	443.81
WILLIAMS, ISAAC HEIRS
.....	P112-51
.....	177.50
WILLIAMS, JACQUELINE G &
.....	P89-11
.....	1,088.13
WILLIAMS, JAMES E HEIRS
.....	P80-148
.....	753.89
WILLIAMS, JOHN HEIRS
.....	P11-F-59
.....	741.88
WILLIAMS, JOHN HEIRS
.....	11-F-66
.....	76.28
WILLIAMS, JOYCE G
.....	50-M-3
.....	73.65
WILLIAMS, KEVIN
.....	P120B-25
.....	1,003.89
WILLIAMS, LUTHER JR &
.....	P89-70
.....	53.76
WILLIAMS, MADELINE
.....	P89-70
.....	53.76
WILLIAMS, MARTILLA HEIRS
.....	P88-10
.....	1,209.60
WILLIAMS, MARY H
.....	P48-20
.....	166.00
WILLIAMS, MOLLIE STOKLEY H
.....	P110-59-3
.....	137.68
WILLIAMS, NATE
.....	P112-81
.....	104.31
WILLIAMS, NORA
.....	P61-C-39-40-41
.....	610.00
WILLIAMS, NORA ANN HEIRS
.....	P80-16
.....	1,133.45
WILLIAMS, OMAR LA'PATRICK
.....	P80-29
.....	799.45
WILLIAMS, PATRICIA
.....	P67-26
.....	1,059.45
WILLIAMS, PATRICIA M
.....	P80-21
.....	132.77
WILLIAMS, PAUL C & BRENDA
.....	P80-42
.....	1,322.85
WILLIAMS, PRISCILLA P
.....	P80-105
.....	536.18
WILLIAMS, ROBIN RENE
.....	P88-132
.....	478.14
WILLIAMS, ROBIN RENE
.....	P14-41
.....	81.42
WILLIAMS, RYAN S
.....	P89A-43A
.....	237.43
WILLIAMS, SHARON M
.....	28-E-3
.....	54.62
WILLIAMS, SHARON M
.....	28-E-3
.....	87.16
WILLIAMS, SHELIA
.....	P79-88
.....	87.16
WILLIAMS, SHARON M
.....	28-E-8
.....	594.06
WILLIAMS, SHIRLEY
.....	P58-94
.....	883.20
WILLIAMS, SUSIE B
.....	P80-4A
.....	219.82
WILLIAMS, VERLIN E & CYNTHIA
.....	P92-219
.....	1,528.81
WILLIAMS, VERLIN ELLIOT &
.....	P112-9
.....	53.76
WILLIAMS, WILLIE L &
.....	P84-78
.....	53.76
WILLIAMS, WILLIE R &
.....	P142-15A
.....	37.06
WILLIAMS, WILLIS RAY SR
.....	P111-A-18-13
.....	916.09
WILLIAMSON, JUANDA M
.....	47-H-7
.....	1,418.13
WILLIAMSON, CAROL A
.....	P141-17
.....	1,216.06
WILLIS, GERALDINE
.....	P41-F-36
.....	36.95
WILLS, MATTHEW W & ANGELA M
.....	P34-10A
.....	29.35
WILLS, MATTHEW W & ANGELA M
.....	P34-10B
.....	29.35
WILSON, EDEN & JENNIFER L
.....	P60-317
.....	1,971.21
WILSON, EDDIE R
.....	P120B-112
.....	1,055.80
WILSON, MARC ARNOLD ETAL
.....	25-D-113
.....	1,008.55
WIMPY, BUCK C JR
.....	P122A-246
.....	2,829.51
WING FARMS INC
.....	P31-72
.....	1,179.35
WINSLOW, KELLY RICHARD &
.....	P79-38A
.....	53.76
WINSLOW, ROBERT B
.....	P7-173
.....	53.76
WINSLOW, ROBERT & BRENDA
.....	P7-173
.....	53.76
WINSLOW, ROBERT & BRENDA
.....	P91-45
.....	53.76
WINTER, LAUREN MELVIN
.....	11-C-9
.....	811.85
WINTER, LAUREN MELVIN
.....	P7-195
.....	1,216.30
WISSMAN, BRENDA MAE
.....	P146-12A
.....	1,761.81
WOOD, ROBERT L JR & AMANDA R
.....	P91-13
.....	53.76
WOOD, TAMMY ELAINE
.....	P91-76A
.....	53.76
WOOTEN, LEATHA L TRUSTEE
..... ON P119-7#2
..... 360.71
WORKMAN, ERIC
.....	P64-52A
.....	150.47
WORLD DEV GROUP LLC
.....	P120-12
.....	603.43
WRENN, STELLA J
.....	P120-27
.....	2,536.93
WRIGHT ICE & FUEL COMPANY
.....	34-A-2
.....	832.40
WRIGHT, BRENDA A
.....	P80-23
.....	43.20
WRIGHTEN, TRACY L
.....	58-A-22
.....	832.00
WYNN, ADA M
.....	P110-1
.....	1,055.55
WYNN, JOHN M
.....	P110-19-6
.....	380.95
YOUNG, JEROME L & BONNIE L
.....	P1-111
.....	53.76
ZAJKOWSKY, ERIC & PATRICIA
.....	P128-19
.....	1,029.07
1700 BELL LANE LLC
.....	P120-228
.....	173.78
1700 BELL LANE LLC
.....	P123-193
.....	38.47
2 J PROPERTIES LLC
.....	P120-205
.....	1,277.95
279-09 PROPERTIES LLC
.....	35-A-24A
.....	1,163.11
279-09-1465 TRUST
.....	P136-3
.....	1,614.61
604 FEARING LLC
.....	4-A-13
.....	770.34
604 FEARING LLC
.....	4-A-11
.....	720.42
848 MEDIA GROUP LLC
.....	35-C-46A
.....	243.39
